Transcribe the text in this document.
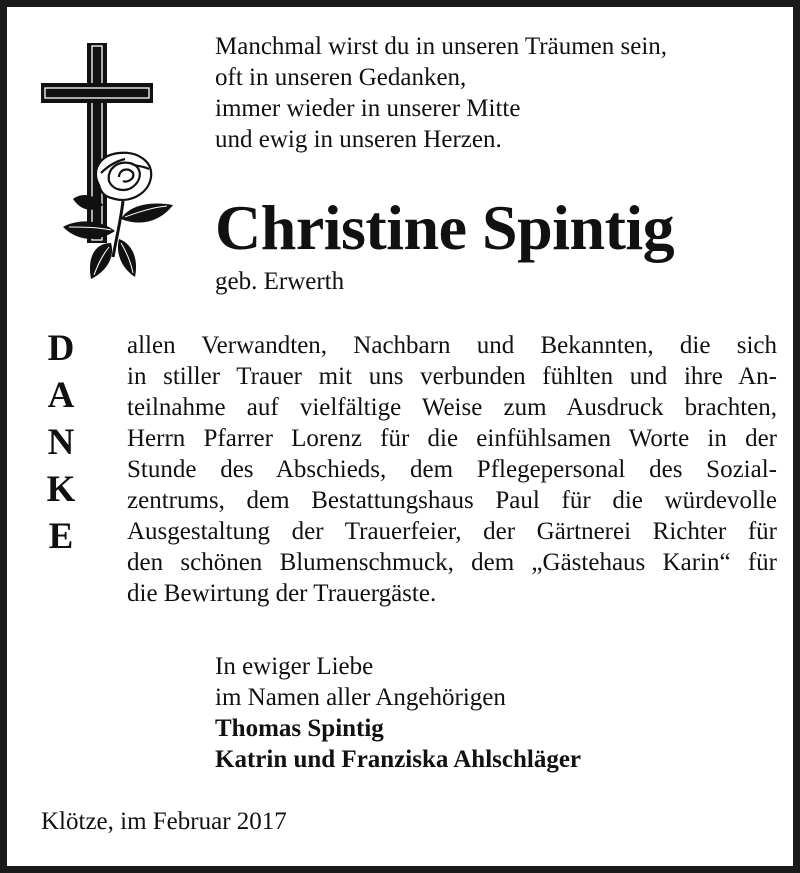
Manchmal wirst du in unseren Träumen sein,
oft in unseren Gedanken,
immer wieder in unserer Mitte
und ewig in unseren Herzen.
Christine Spintig
geb. Erwerth
D
A
N
K
E
allen Verwandten, Nachbarn und Bekannten, die sich
in stiller Trauer mit uns verbunden fühlten und ihre An-
teilnahme auf vielfältige Weise zum Ausdruck brachten,
Herrn Pfarrer Lorenz für die einfühlsamen Worte in der
Stunde des Abschieds, dem Pflegepersonal des Sozial-
zentrums, dem Bestattungshaus Paul für die würdevolle
Ausgestaltung der Trauerfeier, der Gärtnerei Richter für
den schönen Blumenschmuck, dem „Gästehaus Karin“ für
die Bewirtung der Trauergäste.
In ewiger Liebe
im Namen aller Angehörigen
Thomas Spintig
Katrin und Franziska Ahlschläger
Klötze, im Februar 2017
